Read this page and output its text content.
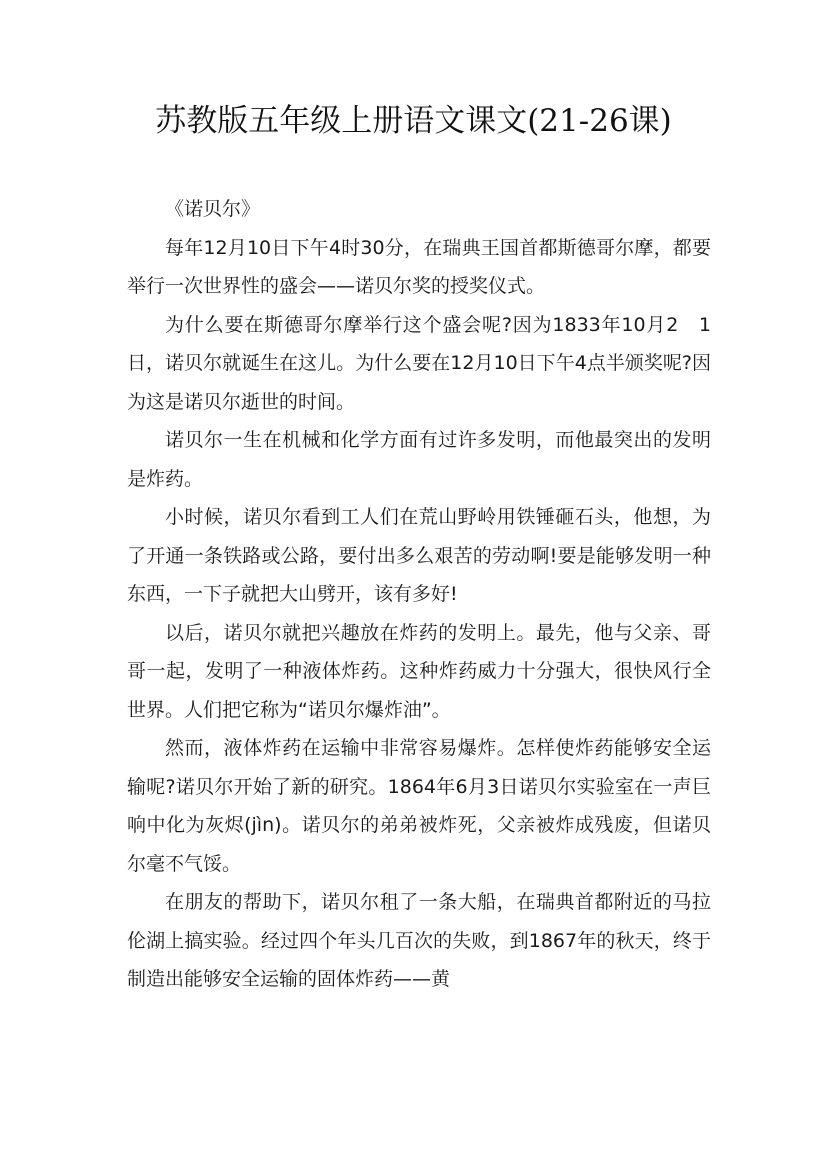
苏教版五年级上册语文课文(21-26课)

《诺贝尔》

每年12月10日下午4时30分，在瑞典王国首都斯德哥尔摩，都要举行一次世界性的盛会——诺贝尔奖的授奖仪式。

为什么要在斯德哥尔摩举行这个盛会呢?因为1833年10月2　1日，诺贝尔就诞生在这儿。为什么要在12月10日下午4点半颁奖呢?因为这是诺贝尔逝世的时间。

诺贝尔一生在机械和化学方面有过许多发明，而他最突出的发明是炸药。

小时候，诺贝尔看到工人们在荒山野岭用铁锤砸石头，他想，为了开通一条铁路或公路，要付出多么艰苦的劳动啊!要是能够发明一种东西，一下子就把大山劈开，该有多好!

以后，诺贝尔就把兴趣放在炸药的发明上。最先，他与父亲、哥哥一起，发明了一种液体炸药。这种炸药威力十分强大，很快风行全世界。人们把它称为“诺贝尔爆炸油”。

然而，液体炸药在运输中非常容易爆炸。怎样使炸药能够安全运输呢?诺贝尔开始了新的研究。1864年6月3日诺贝尔实验室在一声巨响中化为灰烬(jìn)。诺贝尔的弟弟被炸死，父亲被炸成残废，但诺贝尔毫不气馁。

在朋友的帮助下，诺贝尔租了一条大船，在瑞典首都附近的马拉伦湖上搞实验。经过四个年头几百次的失败，到1867年的秋天，终于制造出能够安全运输的固体炸药——黄
